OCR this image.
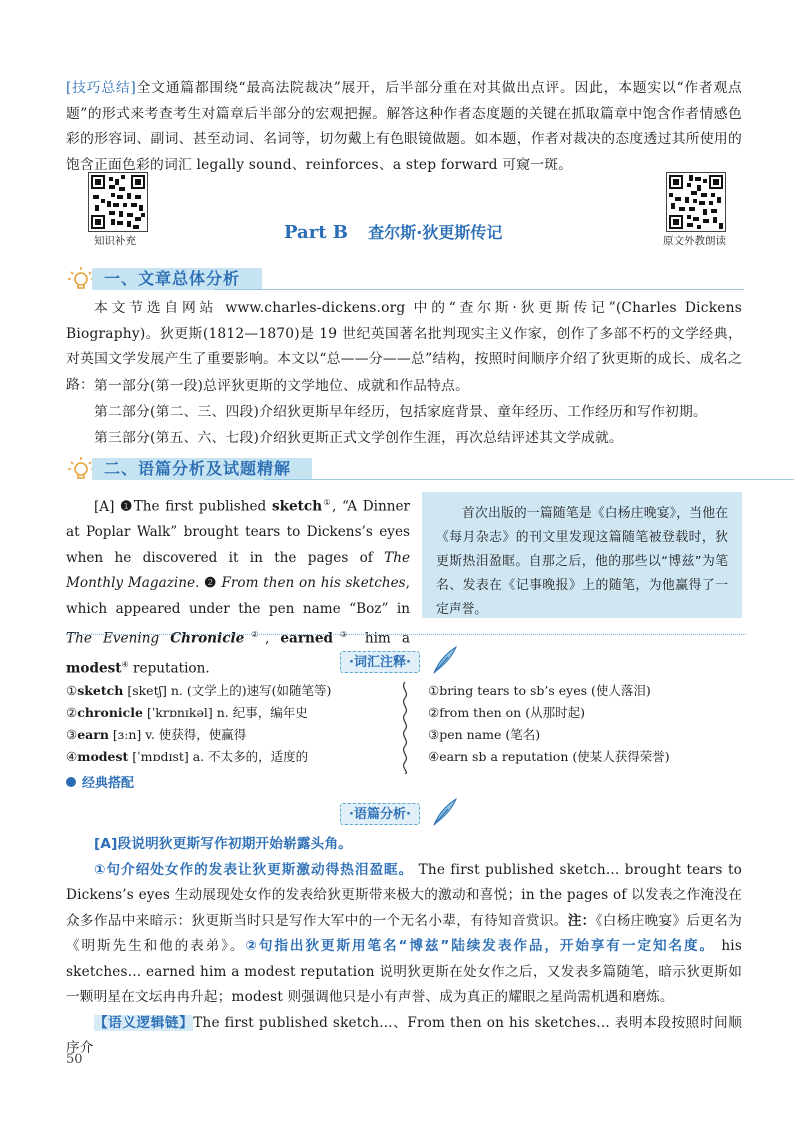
[技巧总结]全文通篇都围绕“最高法院裁决”展开，后半部分重在对其做出点评。因此，本题实以“作者观点题”的形式来考查考生对篇章后半部分的宏观把握。解答这种作者态度题的关键在抓取篇章中饱含作者情感色彩的形容词、副词、甚至动词、名词等，切勿戴上有色眼镜做题。如本题，作者对裁决的态度透过其所使用的饱含正面色彩的词汇 legally sound、reinforces、a step forward 可窥一斑。
知识补充	原文外教朗读
Part B 查尔斯·狄更斯传记
一、文章总体分析
本文节选自网站 www.charles-dickens.org 中的“查尔斯·狄更斯传记”(Charles Dickens Biography)。狄更斯(1812—1870)是 19 世纪英国著名批判现实主义作家，创作了多部不朽的文学经典，对英国文学发展产生了重要影响。本文以“总——分——总”结构，按照时间顺序介绍了狄更斯的成长、成名之路： 第一部分(第一段)总评狄更斯的文学地位、成就和作品特点。
第二部分(第二、三、四段)介绍狄更斯早年经历，包括家庭背景、童年经历、工作经历和写作初期。
第三部分(第五、六、七段)介绍狄更斯正式文学创作生涯，再次总结评述其文学成就。
二、语篇分析及试题精解
[A] ❶The first published sketch①, “A Dinner at Poplar Walk” brought tears to Dickens’s eyes when he discovered it in the pages of The Monthly Magazine. ❷ From then on his sketches, which appeared under the pen name “Boz” in The Evening Chronicle②, earned③ him a modest④ reputation.
首次出版的一篇随笔是《白杨庄晚宴》，当他在《每月杂志》的刊文里发现这篇随笔被登载时，狄更斯热泪盈眶。自那之后，他的那些以“博兹”为笔名、发表在《记事晚报》上的随笔，为他赢得了一定声誉。
·词汇注释·
①sketch [sketʃ] n. (文学上的)速写(如随笔等)
②chronicle [ˈkrɒnɪkəl] n. 纪事，编年史
③earn [ɜːn] v. 使获得，使赢得
④modest [ˈmɒdɪst] a. 不太多的，适度的
①bring tears to sb’s eyes (使人落泪)
②from then on (从那时起)
③pen name (笔名)
④earn sb a reputation (使某人获得荣誉)
经典搭配
·语篇分析·
[A]段说明狄更斯写作初期开始崭露头角。
①句介绍处女作的发表让狄更斯激动得热泪盈眶。 The first published sketch... brought tears to Dickens’s eyes 生动展现处女作的发表给狄更斯带来极大的激动和喜悦；in the pages of 以发表之作淹没在众多作品中来暗示：狄更斯当时只是写作大军中的一个无名小辈，有待知音赏识。注：《白杨庄晚宴》后更名为《明斯先生和他的表弟》。②句指出狄更斯用笔名“博兹”陆续发表作品，开始享有一定知名度。 his sketches... earned him a modest reputation 说明狄更斯在处女作之后，又发表多篇随笔，暗示狄更斯如一颗明星在文坛冉冉升起；modest 则强调他只是小有声誉、成为真正的耀眼之星尚需机遇和磨炼。
【语义逻辑链】The first published sketch...、From then on his sketches... 表明本段按照时间顺序介
50
